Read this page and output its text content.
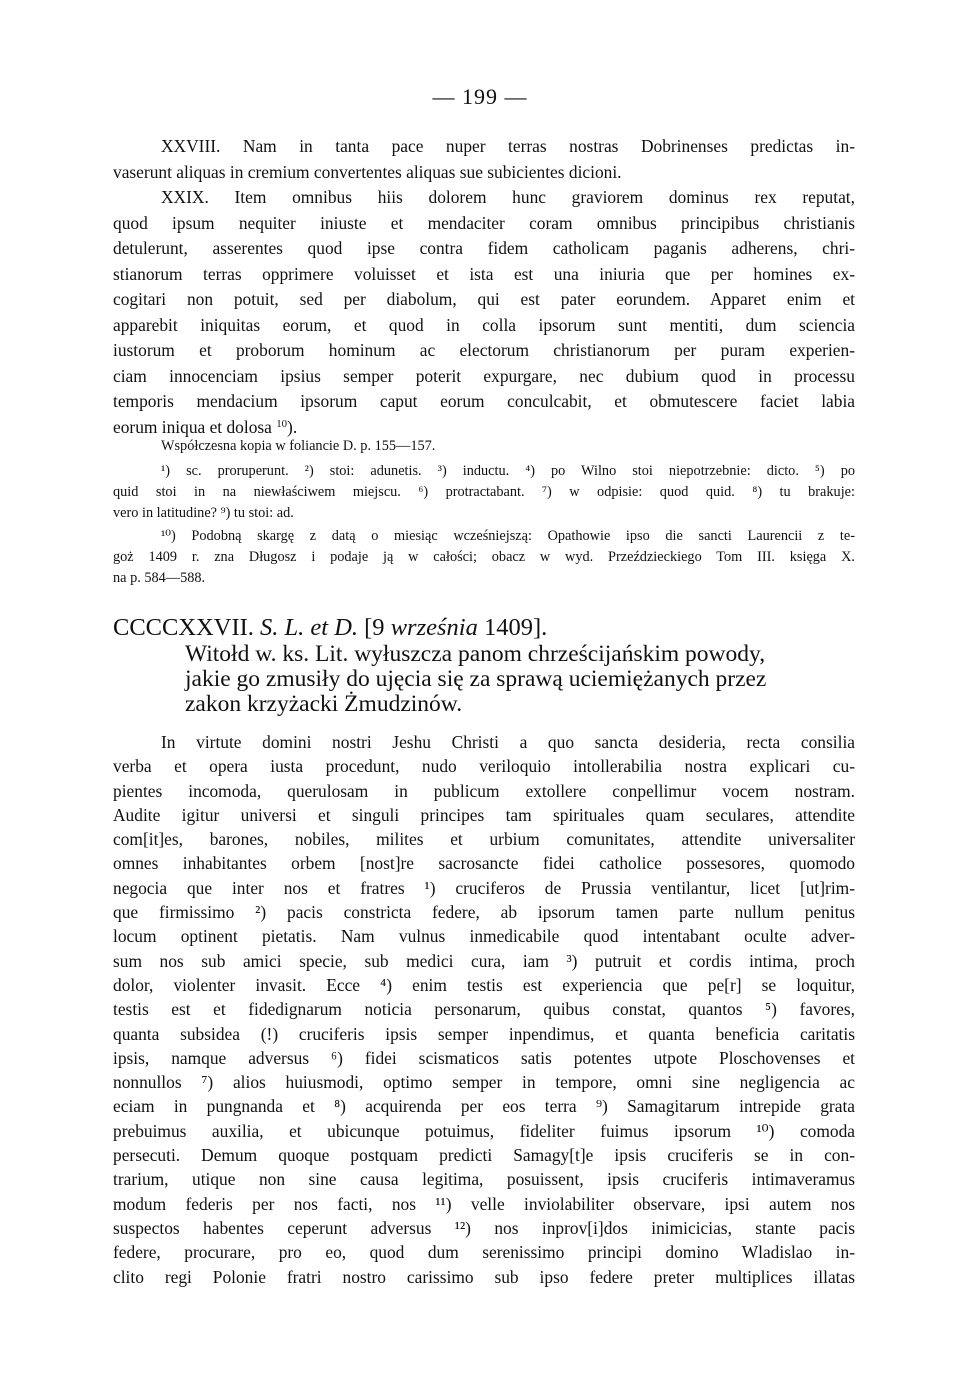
— 199 —

XXVIII. Nam in tanta pace nuper terras nostras Dobrinenses predictas in-
vaserunt aliquas in cremium convertentes aliquas sue subicientes dicioni.

XXIX. Item omnibus hiis dolorem hunc graviorem dominus rex reputat,
quod ipsum nequiter iniuste et mendaciter coram omnibus principibus christianis
detulerunt, asserentes quod ipse contra fidem catholicam paganis adherens, chri-
stianorum terras opprimere voluisset et ista est una iniuria que per homines ex-
cogitari non potuit, sed per diabolum, qui est pater eorundem. Apparet enim et
apparebit iniquitas eorum, et quod in colla ipsorum sunt mentiti, dum sciencia
iustorum et proborum hominum ac electorum christianorum per puram experien-
ciam innocenciam ipsius semper poterit expurgare, nec dubium quod in processu
temporis mendacium ipsorum caput eorum conculcabit, et obmutescere faciet labia
eorum iniqua et dolosa $^{10}$).

Współczesna kopia w foliancie D. p. 155—157.

¹) sc. proruperunt. ²) stoi: adunetis. ³) inductu. ⁴) po Wilno stoi niepotrzebnie: dicto. ⁵) po
quid stoi in na niewłaściwem miejscu. ⁶) protractabant. ⁷) w odpisie: quod quid. ⁸) tu brakuje:
vero in latitudine? ⁹) tu stoi: ad.

¹⁰) Podobną skargę z datą o miesiąc wcześniejszą: Opathowie ipso die sancti Laurencii z te-
goż 1409 r. zna Długosz i podaje ją w całości; obacz w wyd. Przeździeckiego Tom III. księga X.
na p. 584—588.

CCCCXXVII. S. L. et D. [9 września 1409].
Witołd w. ks. Lit. wyłuszcza panom chrześcijańskim powody,
jakie go zmusiły do ujęcia się za sprawą uciemiężanych przez
zakon krzyżacki Żmudzinów.

In virtute domini nostri Jeshu Christi a quo sancta desideria, recta consilia
verba et opera iusta procedunt, nudo veriloquio intollerabilia nostra explicari cu-
pientes incomoda, querulosam in publicum extollere conpellimur vocem nostram.
Audite igitur universi et singuli principes tam spirituales quam seculares, attendite
com[it]es, barones, nobiles, milites et urbium comunitates, attendite universaliter
omnes inhabitantes orbem [nost]re sacrosancte fidei catholice possesores, quomodo
negocia que inter nos et fratres ¹) cruciferos de Prussia ventilantur, licet [ut]rim-
que firmissimo ²) pacis constricta federe, ab ipsorum tamen parte nullum penitus
locum optinent pietatis. Nam vulnus inmedicabile quod intentabant oculte adver-
sum nos sub amici specie, sub medici cura, iam ³) putruit et cordis intima, proch
dolor, violenter invasit. Ecce ⁴) enim testis est experiencia que pe[r] se loquitur,
testis est et fidedignarum noticia personarum, quibus constat, quantos ⁵) favores,
quanta subsidea (!) cruciferis ipsis semper inpendimus, et quanta beneficia caritatis
ipsis, namque adversus ⁶) fidei scismaticos satis potentes utpote Ploschovenses et
nonnullos ⁷) alios huiusmodi, optimo semper in tempore, omni sine negligencia ac
eciam in pungnanda et ⁸) acquirenda per eos terra ⁹) Samagitarum intrepide grata
prebuimus auxilia, et ubicunque potuimus, fideliter fuimus ipsorum ¹⁰) comoda
persecuti. Demum quoque postquam predicti Samagy[t]e ipsis cruciferis se in con-
trarium, utique non sine causa legitima, posuissent, ipsis cruciferis intimaveramus
modum federis per nos facti, nos ¹¹) velle inviolabiliter observare, ipsi autem nos
suspectos habentes ceperunt adversus ¹²) nos inprov[i]dos inimicicias, stante pacis
federe, procurare, pro eo, quod dum serenissimo principi domino Wladislao in-
clito regi Polonie fratri nostro carissimo sub ipso federe preter multiplices illatas
